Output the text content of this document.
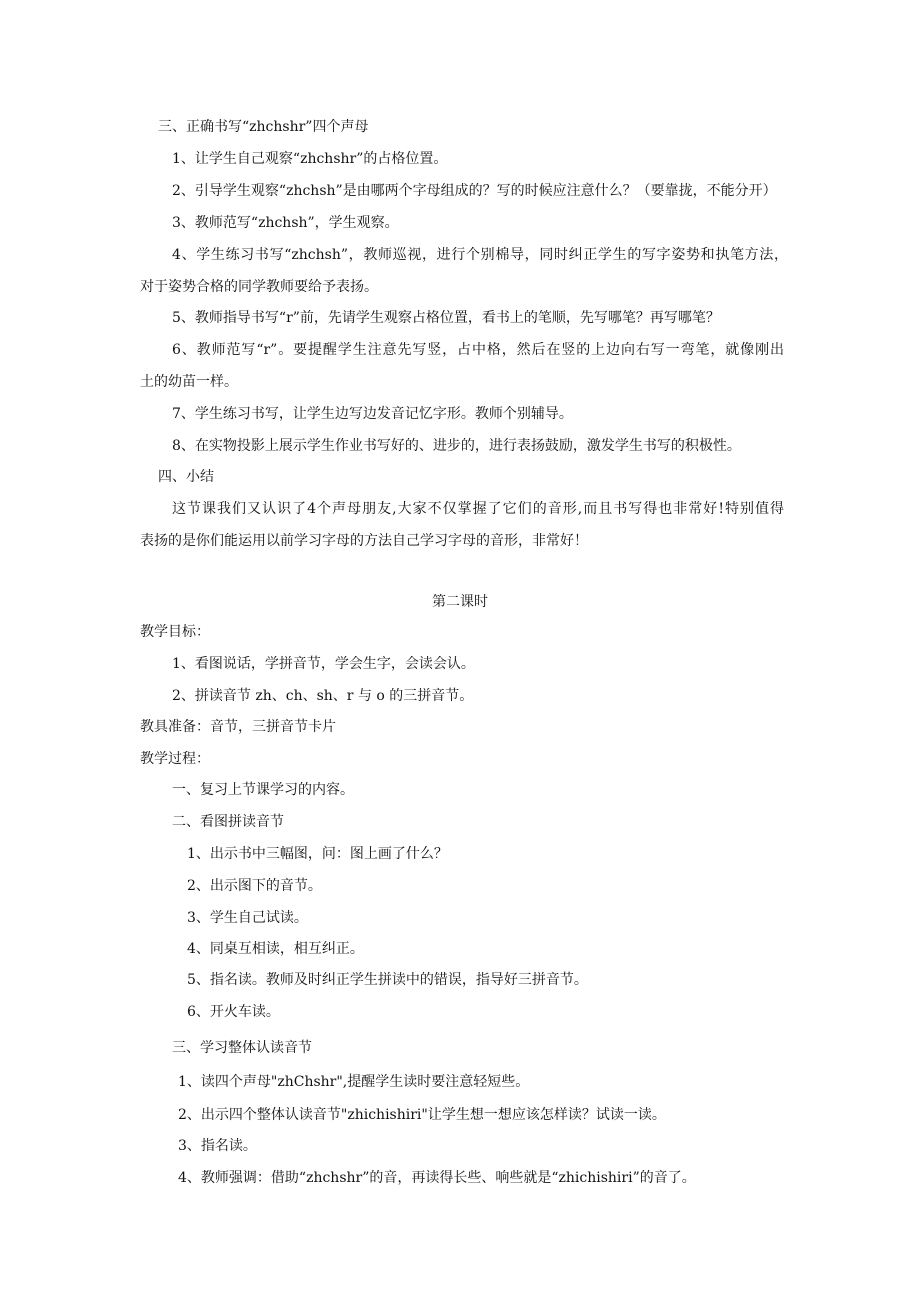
三、正确书写“zhchshr”四个声母
1、让学生自己观察“zhchshr”的占格位置。
2、引导学生观察“zhchsh”是由哪两个字母组成的？写的时候应注意什么？（要靠拢，不能分开）
3、教师范写“zhchsh”，学生观察。
4、学生练习书写“zhchsh”，教师巡视，进行个别棉导，同时纠正学生的写字姿势和执笔方法，
对于姿势合格的同学教师要给予表扬。
5、教师指导书写“r”前，先请学生观察占格位置，看书上的笔顺，先写哪笔？再写哪笔？
6、教师范写“r”。要提醒学生注意先写竖，占中格，然后在竖的上边向右写一弯笔，就像刚出
土的幼苗一样。
7、学生练习书写，让学生边写边发音记忆字形。教师个别辅导。
8、在实物投影上展示学生作业书写好的、进步的，进行表扬鼓励，激发学生书写的积极性。
四、小结
这节课我们又认识了4个声母朋友,大家不仅掌握了它们的音形,而且书写得也非常好!特别值得
表扬的是你们能运用以前学习字母的方法自己学习字母的音形，非常好！
第二课时
教学目标：
1、看图说话，学拼音节，学会生字，会读会认。
2、拼读音节 zh、ch、sh、r 与 o 的三拼音节。
教具准备：音节，三拼音节卡片
教学过程：
一、复习上节课学习的内容。
二、看图拼读音节
1、出示书中三幅图，问：图上画了什么？
2、出示图下的音节。
3、学生自己试读。
4、同桌互相读，相互纠正。
5、指名读。教师及时纠正学生拼读中的错误，指导好三拼音节。
6、开火车读。
三、学习整体认读音节
1、读四个声母"zhChshr",提醒学生读时要注意轻短些。
2、出示四个整体认读音节"zhichishiri"让学生想一想应该怎样读？试读一读。
3、指名读。
4、教师强调：借助“zhchshr”的音，再读得长些、响些就是“zhichishiri”的音了。
